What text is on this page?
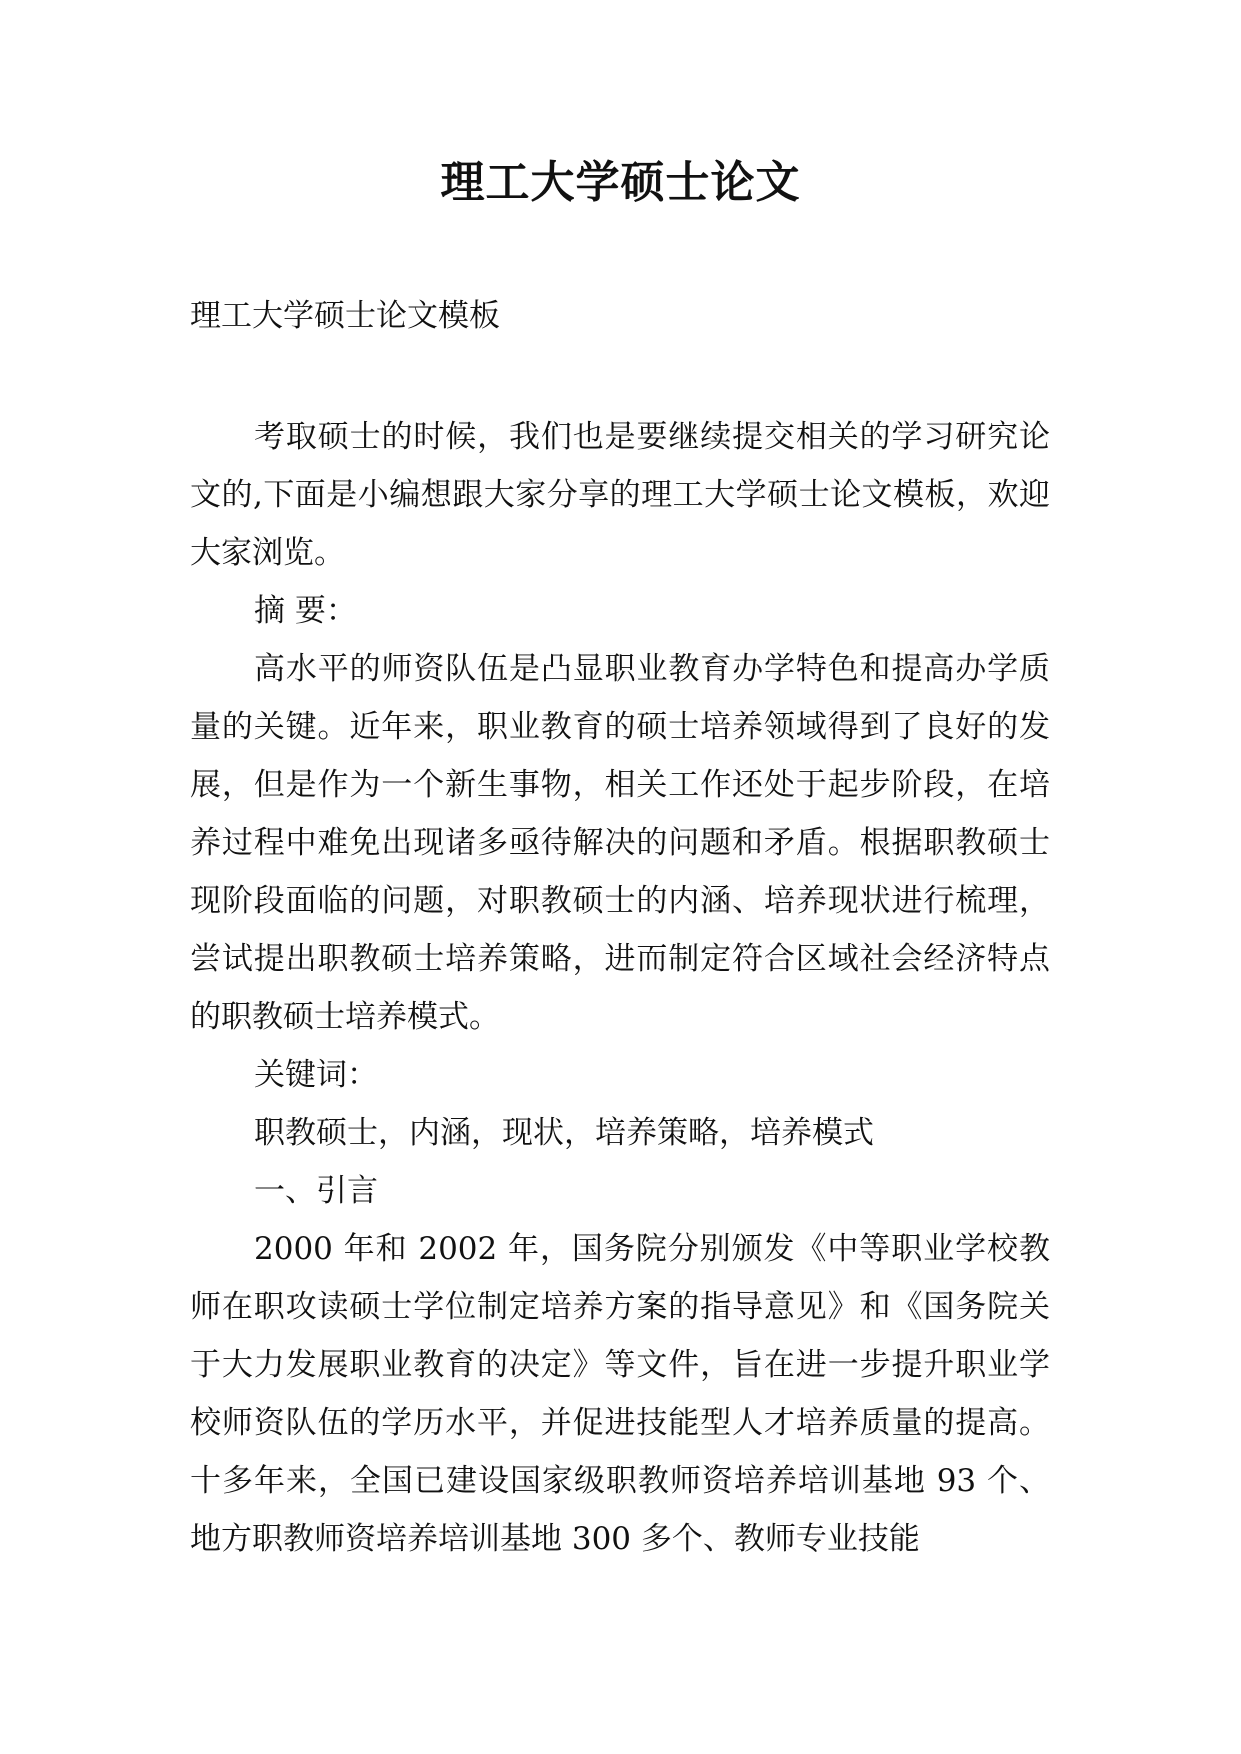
理工大学硕士论文

理工大学硕士论文模板

考取硕士的时候，我们也是要继续提交相关的学习研究论文的,下面是小编想跟大家分享的理工大学硕士论文模板，欢迎大家浏览。

摘 要：

高水平的师资队伍是凸显职业教育办学特色和提高办学质量的关键。近年来，职业教育的硕士培养领域得到了良好的发展，但是作为一个新生事物，相关工作还处于起步阶段，在培养过程中难免出现诸多亟待解决的问题和矛盾。根据职教硕士现阶段面临的问题，对职教硕士的内涵、培养现状进行梳理，尝试提出职教硕士培养策略，进而制定符合区域社会经济特点的职教硕士培养模式。

关键词：

职教硕士，内涵，现状，培养策略，培养模式

一、引言

2000 年和 2002 年，国务院分别颁发《中等职业学校教师在职攻读硕士学位制定培养方案的指导意见》和《国务院关于大力发展职业教育的决定》等文件，旨在进一步提升职业学校师资队伍的学历水平，并促进技能型人才培养质量的提高。十多年来，全国已建设国家级职教师资培养培训基地 93 个、地方职教师资培养培训基地 300 多个、教师专业技能
